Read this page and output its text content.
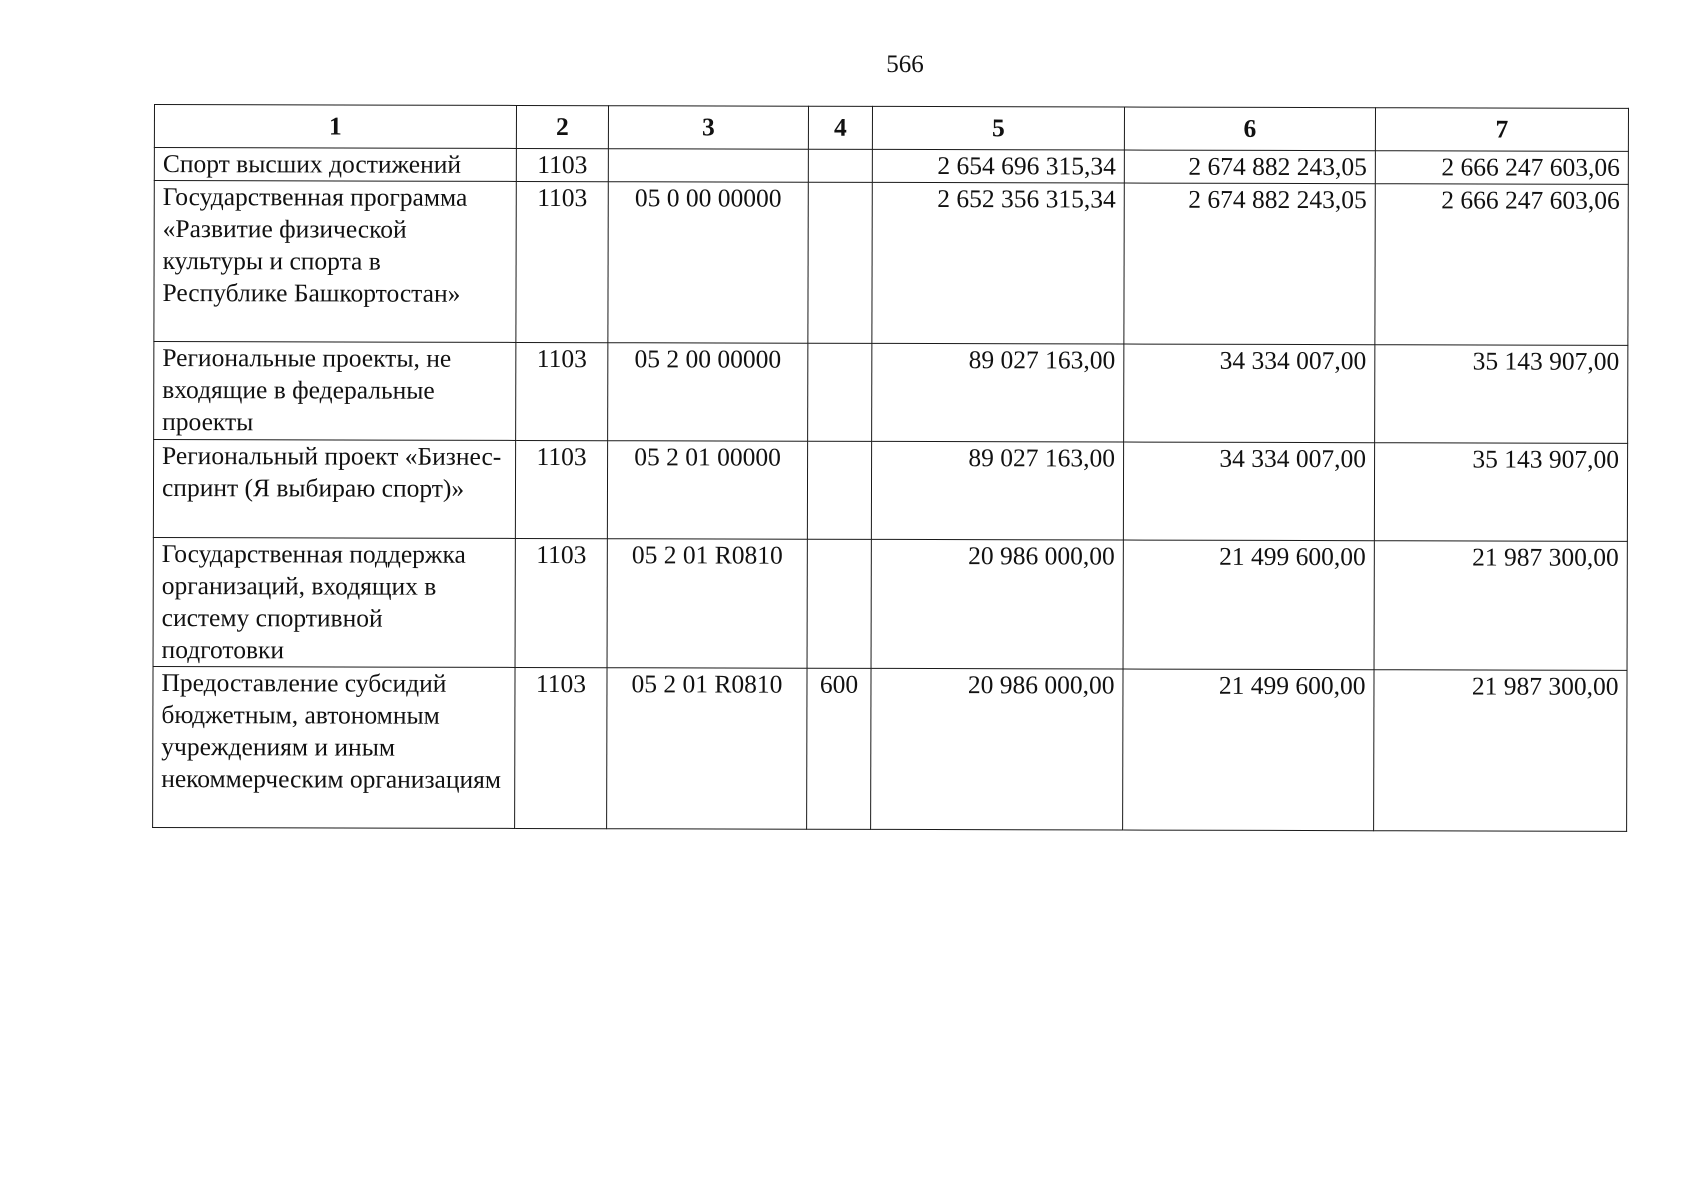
566
1	2	3	4	5	6	7
Спорт высших достижений	1103			2 654 696 315,34	2 674 882 243,05	2 666 247 603,06
Государственная программа «Развитие физической культуры и спорта в Республике Башкортостан»	1103	05 0 00 00000		2 652 356 315,34	2 674 882 243,05	2 666 247 603,06
Региональные проекты, не входящие в федеральные проекты	1103	05 2 00 00000		89 027 163,00	34 334 007,00	35 143 907,00
Региональный проект «Бизнес-спринт (Я выбираю спорт)»	1103	05 2 01 00000		89 027 163,00	34 334 007,00	35 143 907,00
Государственная поддержка организаций, входящих в систему спортивной подготовки	1103	05 2 01 R0810		20 986 000,00	21 499 600,00	21 987 300,00
Предоставление субсидий бюджетным, автономным учреждениям и иным некоммерческим организациям	1103	05 2 01 R0810	600	20 986 000,00	21 499 600,00	21 987 300,00
